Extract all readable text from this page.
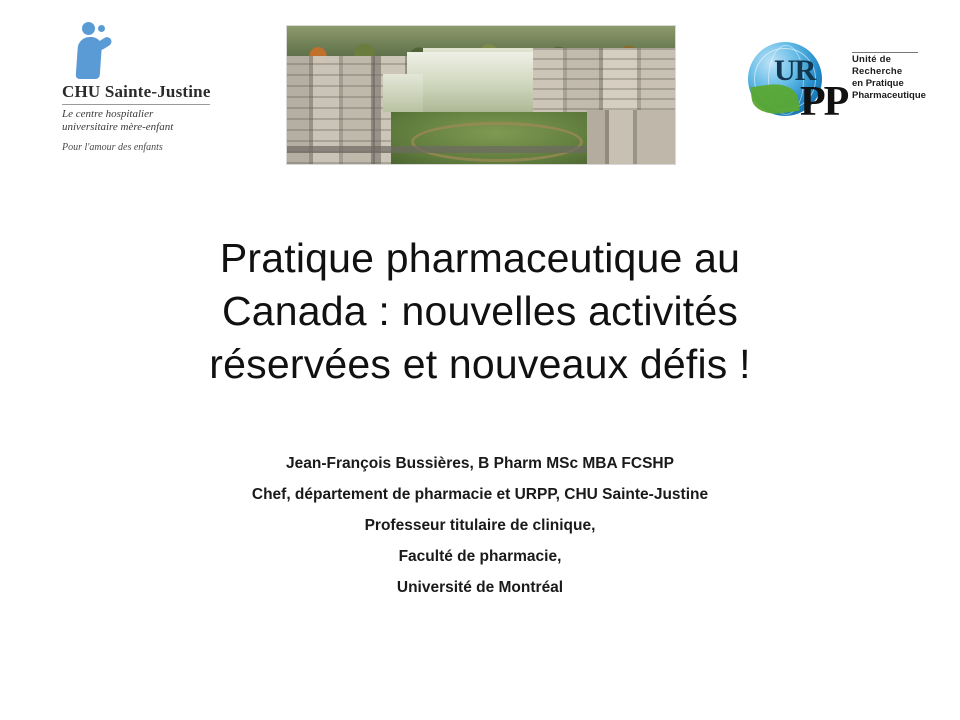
CHU Sainte-Justine
Le centre hospitalier
universitaire mère-enfant
Pour l'amour des enfants
UR
PP
Unité de Recherche
en Pratique
Pharmaceutique
Pratique pharmaceutique au
Canada : nouvelles activités
réservées et nouveaux défis !
Jean-François Bussières, B Pharm MSc MBA FCSHP
Chef, département de pharmacie et URPP, CHU Sainte-Justine
Professeur titulaire de clinique,
Faculté de pharmacie,
Université de Montréal
